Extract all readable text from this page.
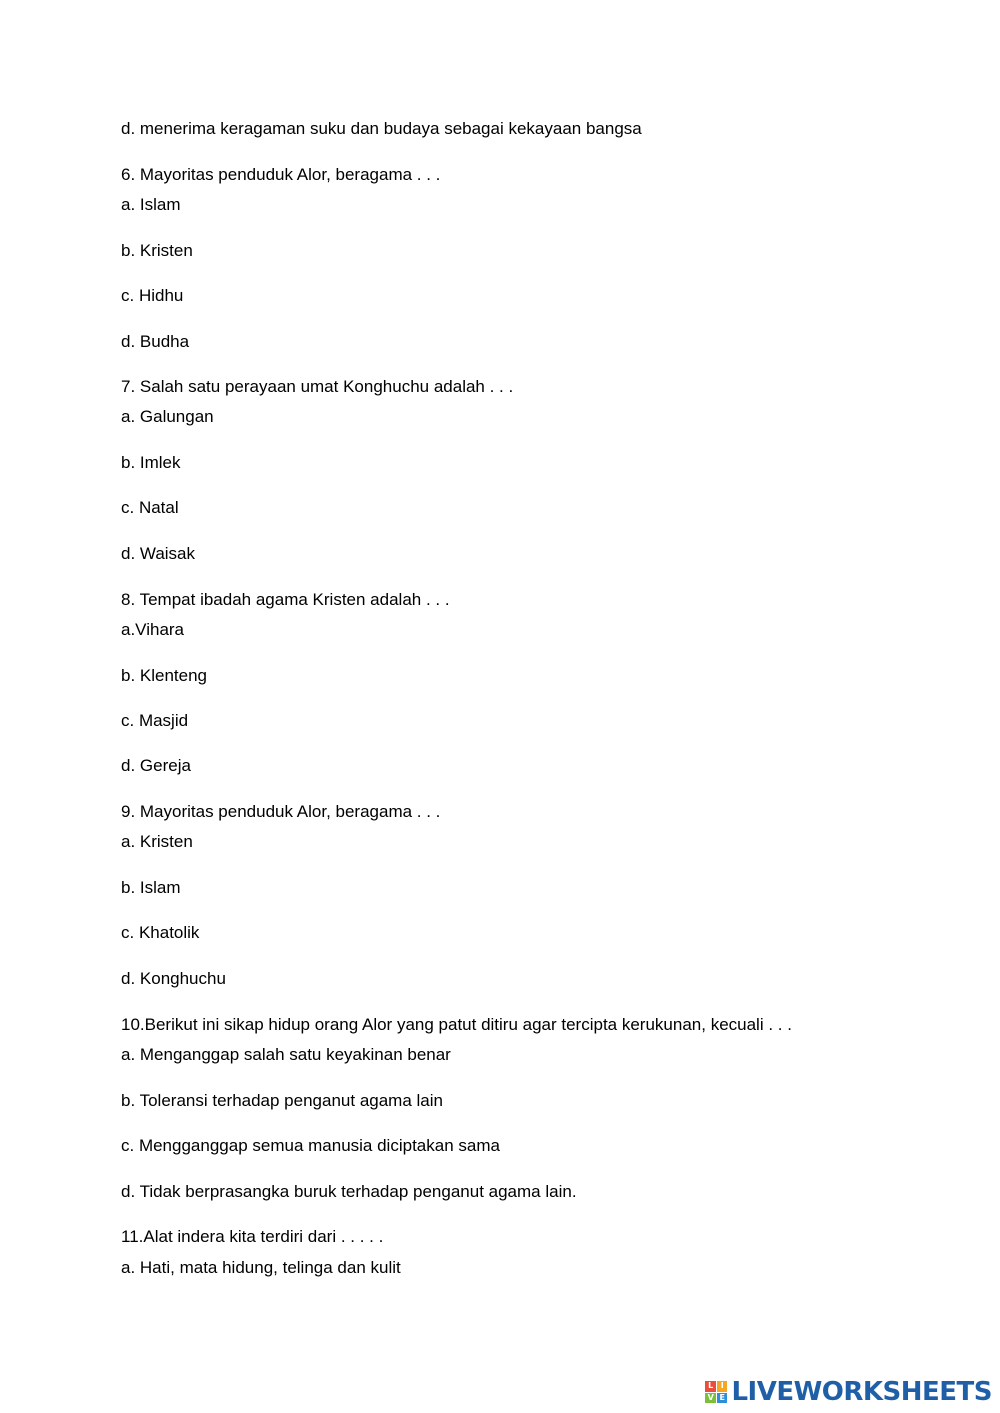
d. menerima keragaman suku dan budaya sebagai kekayaan bangsa
6. Mayoritas penduduk Alor, beragama . . .
a. Islam
b. Kristen
c. Hidhu
d. Budha
7. Salah satu perayaan umat Konghuchu adalah . . .
a. Galungan
b. Imlek
c. Natal
d. Waisak
8. Tempat ibadah agama Kristen adalah . . .
a.Vihara
b. Klenteng
c. Masjid
d. Gereja
9. Mayoritas penduduk Alor, beragama . . .
a. Kristen
b. Islam
c. Khatolik
d. Konghuchu
10.Berikut ini sikap hidup orang Alor yang patut ditiru agar tercipta kerukunan, kecuali . . .
a. Menganggap salah satu keyakinan benar
b. Toleransi terhadap penganut agama lain
c. Mengganggap semua manusia diciptakan sama
d. Tidak berprasangka buruk terhadap penganut agama lain.
11.Alat indera kita terdiri dari . . . . .
a. Hati, mata hidung, telinga dan kulit
L I
V E LIVEWORKSHEETS
